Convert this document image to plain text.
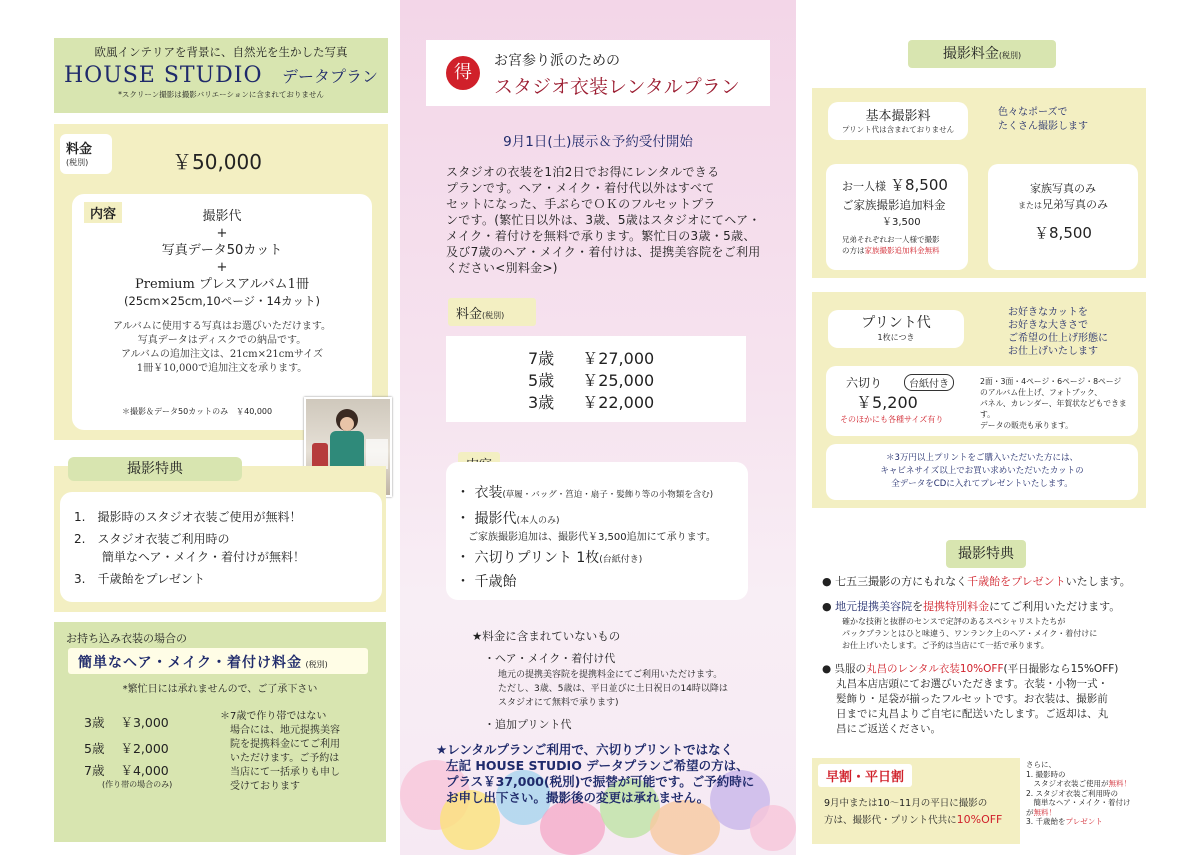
欧風インテリアを背景に、自然光を生かした写真
HOUSE STUDIO データプラン
*スクリーン撮影は撮影バリエーションに含まれておりません
料金
(税別)	￥50,000
内容	撮影代
+
写真データ50カット
+
Premium プレスアルバム1冊
(25cm×25cm,10ページ・14カット)
アルバムに使用する写真はお選びいただけます。
写真データはディスクでの納品です。
アルバムの追加注文は、21cm×21cmサイズ
1冊￥10,000で追加注文を承ります。
＊撮影＆データ50カットのみ　￥40,000
撮影特典
1.　撮影時のスタジオ衣装ご使用が無料！
2.　スタジオ衣装ご利用時の
　　 簡単なヘア・メイク・着付けが無料！
3.　千歳飴をプレゼント
お持ち込み衣装の場合の
簡単なヘア・メイク・着付け料金 (税別)
*繁忙日には承れませんので、ご了承下さい
3歳 ￥3,000
5歳 ￥2,000
7歳 ￥4,000
(作り帯の場合のみ)
＊7歳で作り帯ではない
　場合には、地元提携美容
　院を提携料金にてご利用
　いただけます。ご予約は
　当店にて一括承りも申し
　受けております
得
お宮参り派のための
スタジオ衣装レンタルプラン
9月1日(土)展示＆予約受付開始
スタジオの衣装を1泊2日でお得にレンタルできる
プランです。ヘア・メイク・着付代以外はすべて
セットになった、手ぶらでＯＫのフルセットプラ
ンです。(繁忙日以外は、3歳、5歳はスタジオにてヘア・
メイク・着付けを無料で承ります。繁忙日の3歳・5歳、
及び7歳のヘア・メイク・着付けは、提携美容院をご利用
ください<別料金>)
料金(税別)
7歳 ￥27,000
5歳 ￥25,000
3歳 ￥22,000
・ 衣装(草履・バッグ・筥迫・扇子・髪飾り等の小物類を含む)
・ 撮影代(本人のみ)
ご家族撮影追加は、撮影代￥3,500追加にて承ります。
・ 六切りプリント 1枚(台紙付き)
・ 千歳飴
★料金に含まれていないもの
・ヘア・メイク・着付け代
地元の提携美容院を提携料金にてご利用いただけます。
ただし、3歳、5歳は、平日並びに土日祝日の14時以降は
スタジオにて無料で承ります)
・追加プリント代
★レンタルプランご利用で、六切りプリントではなく
左記 HOUSE STUDIO データプランご希望の方は、
プラス￥37,000(税別)で振替が可能です。ご予約時に
お申し出下さい。撮影後の変更は承れません。
撮影料金(税別)
基本撮影料
プリント代は含まれておりません
色々なポーズで
たくさん撮影します
お一人様 ￥8,500
ご家族撮影追加料金
￥3,500
兄弟それぞれお一人様で撮影
の方は家族撮影追加料金無料
家族写真のみ
または兄弟写真のみ
￥8,500
プリント代
1枚につき
お好きなカットを
お好きな大きさで
ご希望の仕上げ形態に
お仕上げいたします
六切り	台紙付き
￥5,200
そのほかにも各種サイズ有り
2面・3面・4ページ・6ページ・8ページ
のアルバム仕上げ、フォトブック、
パネル、カレンダー、年賀状などもできます。
データの販売も承ります。
＊3万円以上プリントをご購入いただいた方には、
キャビネサイズ以上でお買い求めいただいたカットの
全データをCDに入れてプレゼントいたします。
撮影特典
● 七五三撮影の方にもれなく千歳飴をプレゼントいたします。
● 地元提携美容院を提携特別料金にてご利用いただけます。
確かな技術と抜群のセンスで定評のあるスペシャリストたちが
パックプランとはひと味違う、ワンランク上のヘア・メイク・着付けに
お仕上げいたします。ご予約は当店にて一括で承ります。
● 呉服の丸昌のレンタル衣装10%OFF(平日撮影なら15%OFF)
丸昌本店店頭にてお選びいただきます。衣装・小物一式・
髪飾り・足袋が揃ったフルセットです。お衣装は、撮影前
日までに丸昌よりご自宅に配送いたします。ご返却は、丸
昌にご返送ください。
早割・平日割
9月中または10～11月の平日に撮影の
方は、撮影代・プリント代共に10%OFF
さらに、
1. 撮影時の
　スタジオ衣装ご使用が無料！
2. スタジオ衣装ご利用時の
　簡単なヘア・メイク・着付け
が無料！
3. 千歳飴をプレゼント
